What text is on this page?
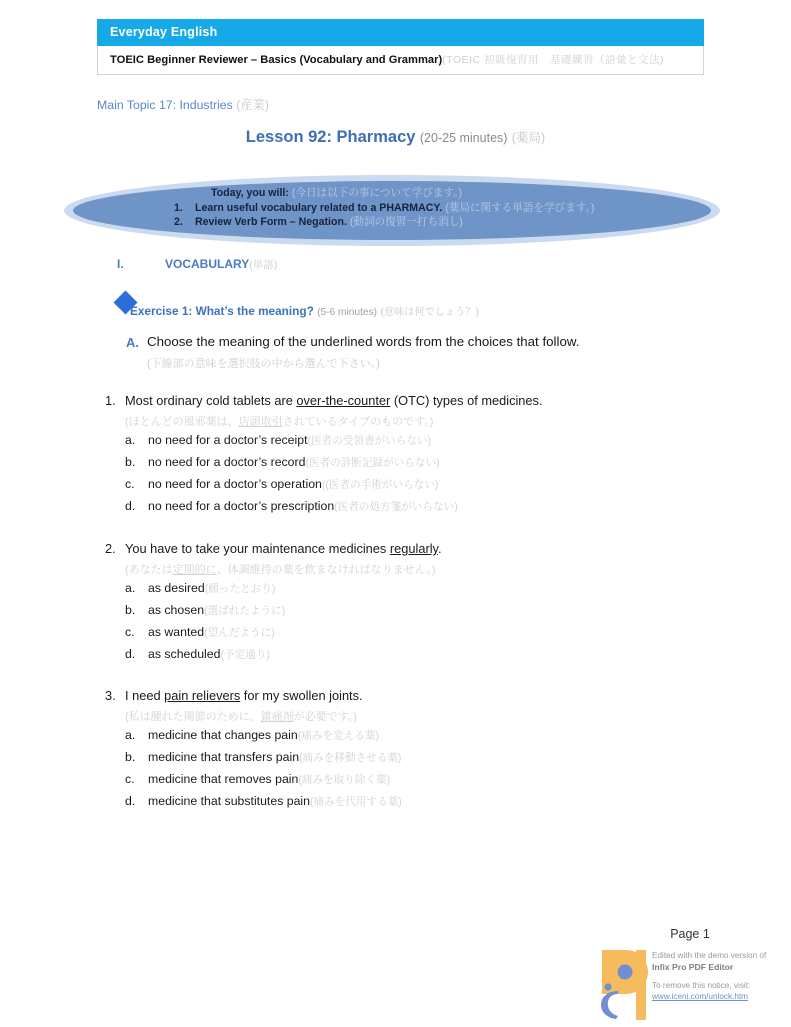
Everyday English
TOEIC Beginner Reviewer – Basics (Vocabulary and Grammar)(TOEIC 初級復習用　基礎練習（語彙と文法)
Main Topic 17: Industries (産業)
Lesson 92: Pharmacy (20-25 minutes) (薬局)
Today, you will: (今日は以下の事について学びます。)
1. Learn useful vocabulary related to a PHARMACY. (薬局に関する単語を学びます。)
2. Review Verb Form – Negation. (動詞の復習一打ち消し)
I.	VOCABULARY(単語)
Exercise 1: What’s the meaning? (5-6 minutes) (意味は何でしょう？)
A. Choose the meaning of the underlined words from the choices that follow.
(下線部の意味を選択肢の中から選んで下さい。)
1. Most ordinary cold tablets are over-the-counter (OTC) types of medicines.
(ほとんどの風邪薬は、店頭取引されているタイプのものです。)
a. no need for a doctor’s receipt(医者の受領書がいらない)
b. no need for a doctor’s record(医者の診断記録がいらない)
c. no need for a doctor’s operation((医者の手術がいらない)
d. no need for a doctor’s prescription(医者の処方箋がいらない)
2. You have to take your maintenance medicines regularly.
(あなたは定期的に、体調維持の薬を飲まなければなりません。)
a. as desired(願ったとおり)
b. as chosen(選ばれたように)
c. as wanted(望んだように)
d. as scheduled(予定通り)
3. I need pain relievers for my swollen joints.
(私は腫れた関節のために、鎮痛剤が必要です。)
a. medicine that changes pain(痛みを変える薬)
b. medicine that transfers pain(痛みを移動させる薬)
c. medicine that removes pain(痛みを取り除く薬)
d. medicine that substitutes pain(痛みを代用する薬)
Page 1
Edited with the demo version of
Infix Pro PDF Editor
To remove this notice, visit:
www.iceni.com/unlock.htm
